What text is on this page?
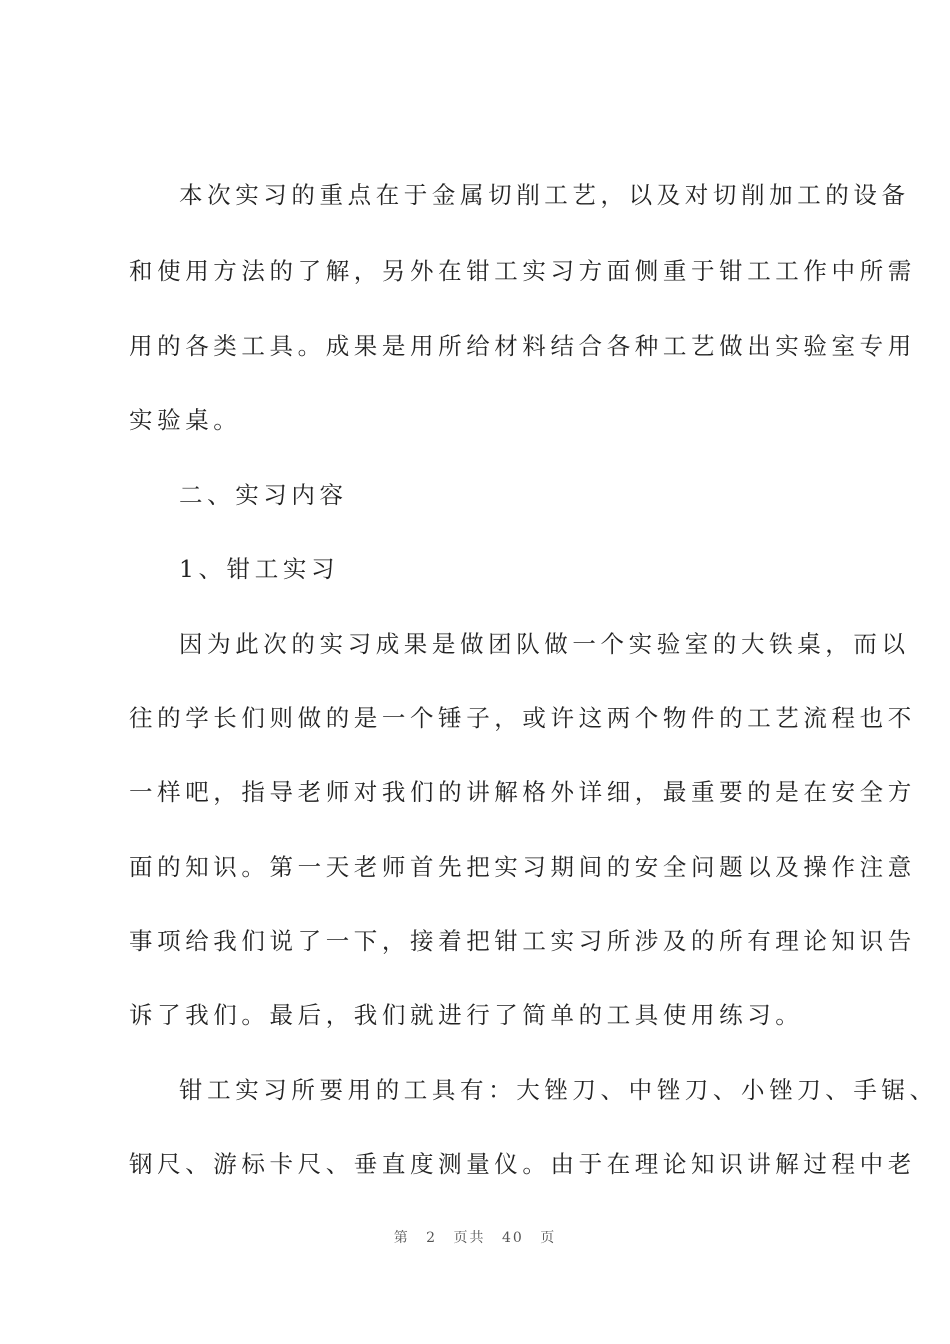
本次实习的重点在于金属切削工艺，以及对切削加工的设备
和使用方法的了解，另外在钳工实习方面侧重于钳工工作中所需
用的各类工具。成果是用所给材料结合各种工艺做出实验室专用
实验桌。
二、实习内容
1、钳工实习
因为此次的实习成果是做团队做一个实验室的大铁桌，而以
往的学长们则做的是一个锤子，或许这两个物件的工艺流程也不
一样吧，指导老师对我们的讲解格外详细，最重要的是在安全方
面的知识。第一天老师首先把实习期间的安全问题以及操作注意
事项给我们说了一下，接着把钳工实习所涉及的所有理论知识告
诉了我们。最后，我们就进行了简单的工具使用练习。
钳工实习所要用的工具有：大锉刀、中锉刀、小锉刀、手锯、
钢尺、游标卡尺、垂直度测量仪。由于在理论知识讲解过程中老
第 2 页共 40 页
